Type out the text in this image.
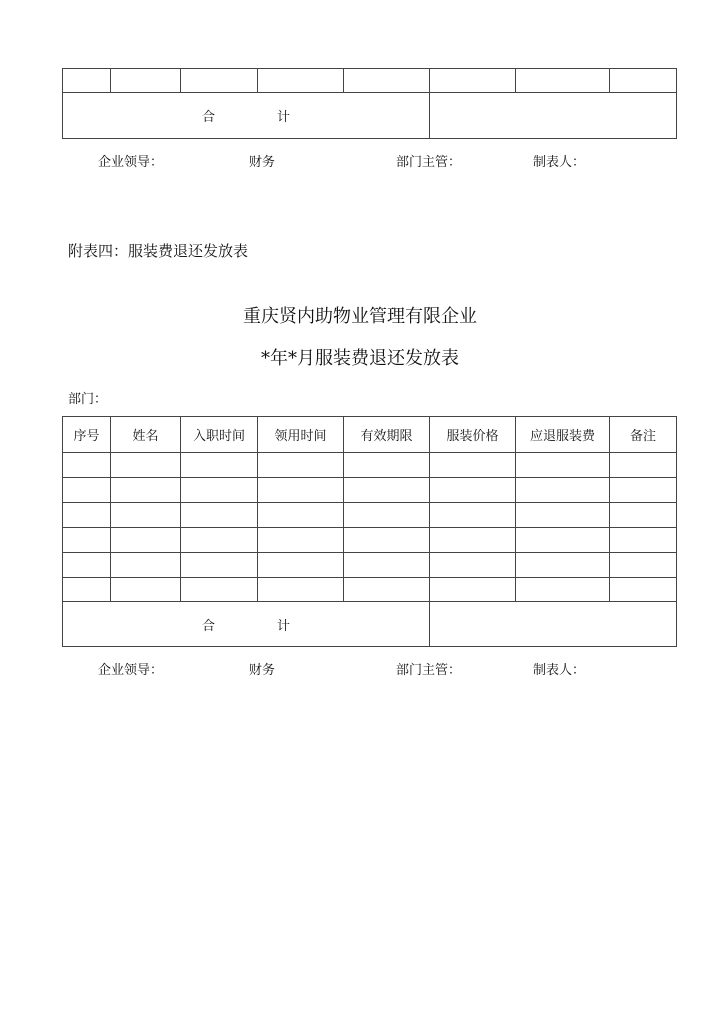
合 计							
企业领导：	财务	部门主管：	制表人：
附表四：服装费退还发放表
重庆贤内助物业管理有限企业
*年*月服装费退还发放表
部门：
序号	姓名	入职时间	领用时间	有效期限	服装价格	应退服装费	备注

合 计							
企业领导：	财务	部门主管：	制表人：
